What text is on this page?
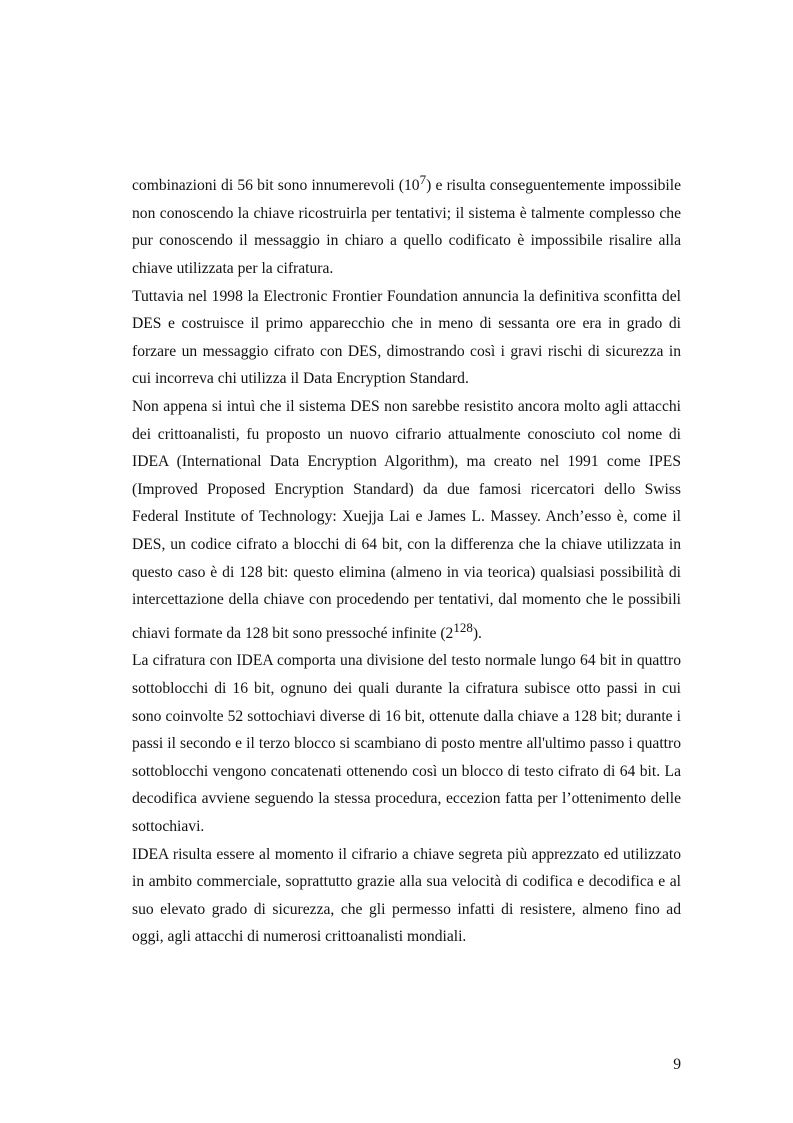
combinazioni di 56 bit sono innumerevoli $(10^7)$ e risulta conseguentemente impossibile non conoscendo la chiave ricostruirla per tentativi; il sistema è talmente complesso che pur conoscendo il messaggio in chiaro a quello codificato è impossibile risalire alla chiave utilizzata per la cifratura.

Tuttavia nel 1998 la Electronic Frontier Foundation annuncia la definitiva sconfitta del DES e costruisce il primo apparecchio che in meno di sessanta ore era in grado di forzare un messaggio cifrato con DES, dimostrando così i gravi rischi di sicurezza in cui incorreva chi utilizza il Data Encryption Standard.

Non appena si intuì che il sistema DES non sarebbe resistito ancora molto agli attacchi dei crittoanalisti, fu proposto un nuovo cifrario attualmente conosciuto col nome di IDEA (International Data Encryption Algorithm), ma creato nel 1991 come IPES (Improved Proposed Encryption Standard) da due famosi ricercatori dello Swiss Federal Institute of Technology: Xuejja Lai e James L. Massey. Anch’esso è, come il DES, un codice cifrato a blocchi di 64 bit, con la differenza che la chiave utilizzata in questo caso è di 128 bit: questo elimina (almeno in via teorica) qualsiasi possibilità di intercettazione della chiave con procedendo per tentativi, dal momento che le possibili chiavi formate da 128 bit sono pressoché infinite $(2^{128})$.

La cifratura con IDEA comporta una divisione del testo normale lungo 64 bit in quattro sottoblocchi di 16 bit, ognuno dei quali durante la cifratura subisce otto passi in cui sono coinvolte 52 sottochiavi diverse di 16 bit, ottenute dalla chiave a 128 bit; durante i passi il secondo e il terzo blocco si scambiano di posto mentre all'ultimo passo i quattro sottoblocchi vengono concatenati ottenendo così un blocco di testo cifrato di 64 bit. La decodifica avviene seguendo la stessa procedura, eccezion fatta per l’ottenimento delle sottochiavi.

IDEA risulta essere al momento il cifrario a chiave segreta più apprezzato ed utilizzato in ambito commerciale, soprattutto grazie alla sua velocità di codifica e decodifica e al suo elevato grado di sicurezza, che gli permesso infatti di resistere, almeno fino ad oggi, agli attacchi di numerosi crittoanalisti mondiali.

9
